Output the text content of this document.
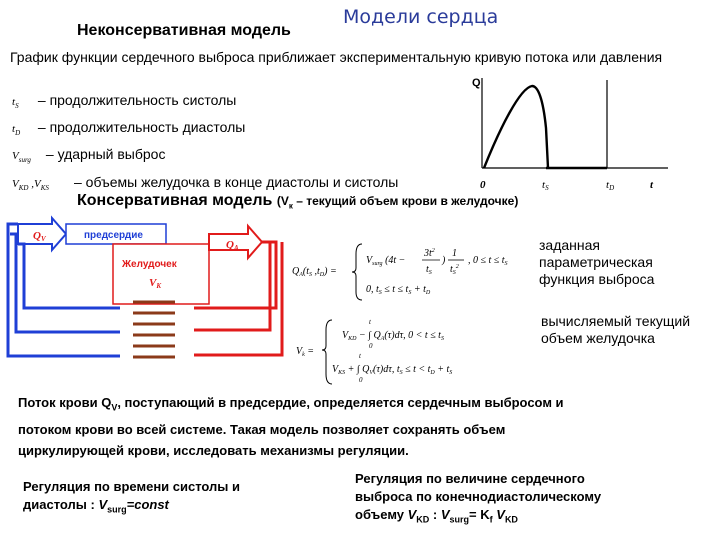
Модели сердца
Неконсервативная модель
График функции сердечного выброса приближает экспериментальную кривую потока или давления
$t_S$ – продолжительность систолы
$t_D$ – продолжительность диастолы
$V_{surg}$ – ударный выброс
$V_{KD}$ $,V_{KS}$ – объемы желудочка в конце диастолы и систолы
Q
0	tS	tD	t
Консервативная модель ($V_к$ – текущий объем крови в желудочке)
QV	предсердие
Желудочек
VK
QA
$Q_A(t_S$ $,t_D$) =
$V_{surg}$ (4t −
$3t^2$
$t_S$
)
1
$t_S^2$
, $0 \le t \le t_S$
0, $t_S \le t \le t_S + t_D$
заданная параметрическая функция выброса
$V_k$ =
$V_{KD}$ − ∫ $Q_A(\tau)d\tau$, $0 < t \le t_S$
t
0
$V_{KS}$ + ∫ $Q_V(\tau)d\tau$, $t_S \le t < t_D + t_S$
t
0
вычисляемый текущий объем желудочка
Поток крови $Q_V$, поступающий в предсердие, определяется сердечным выбросом и потоком крови во всей системе. Такая модель позволяет сохранять объем циркулирующей крови, исследовать механизмы регуляции.
Регуляция по времени систолы и
диастолы : $V_{surg}=const$
Регуляция по величине сердечного
выброса по конечнодиастолическому
объему $V_{KD}$ : $V_{surg}= K_f$ $V_{KD}$
